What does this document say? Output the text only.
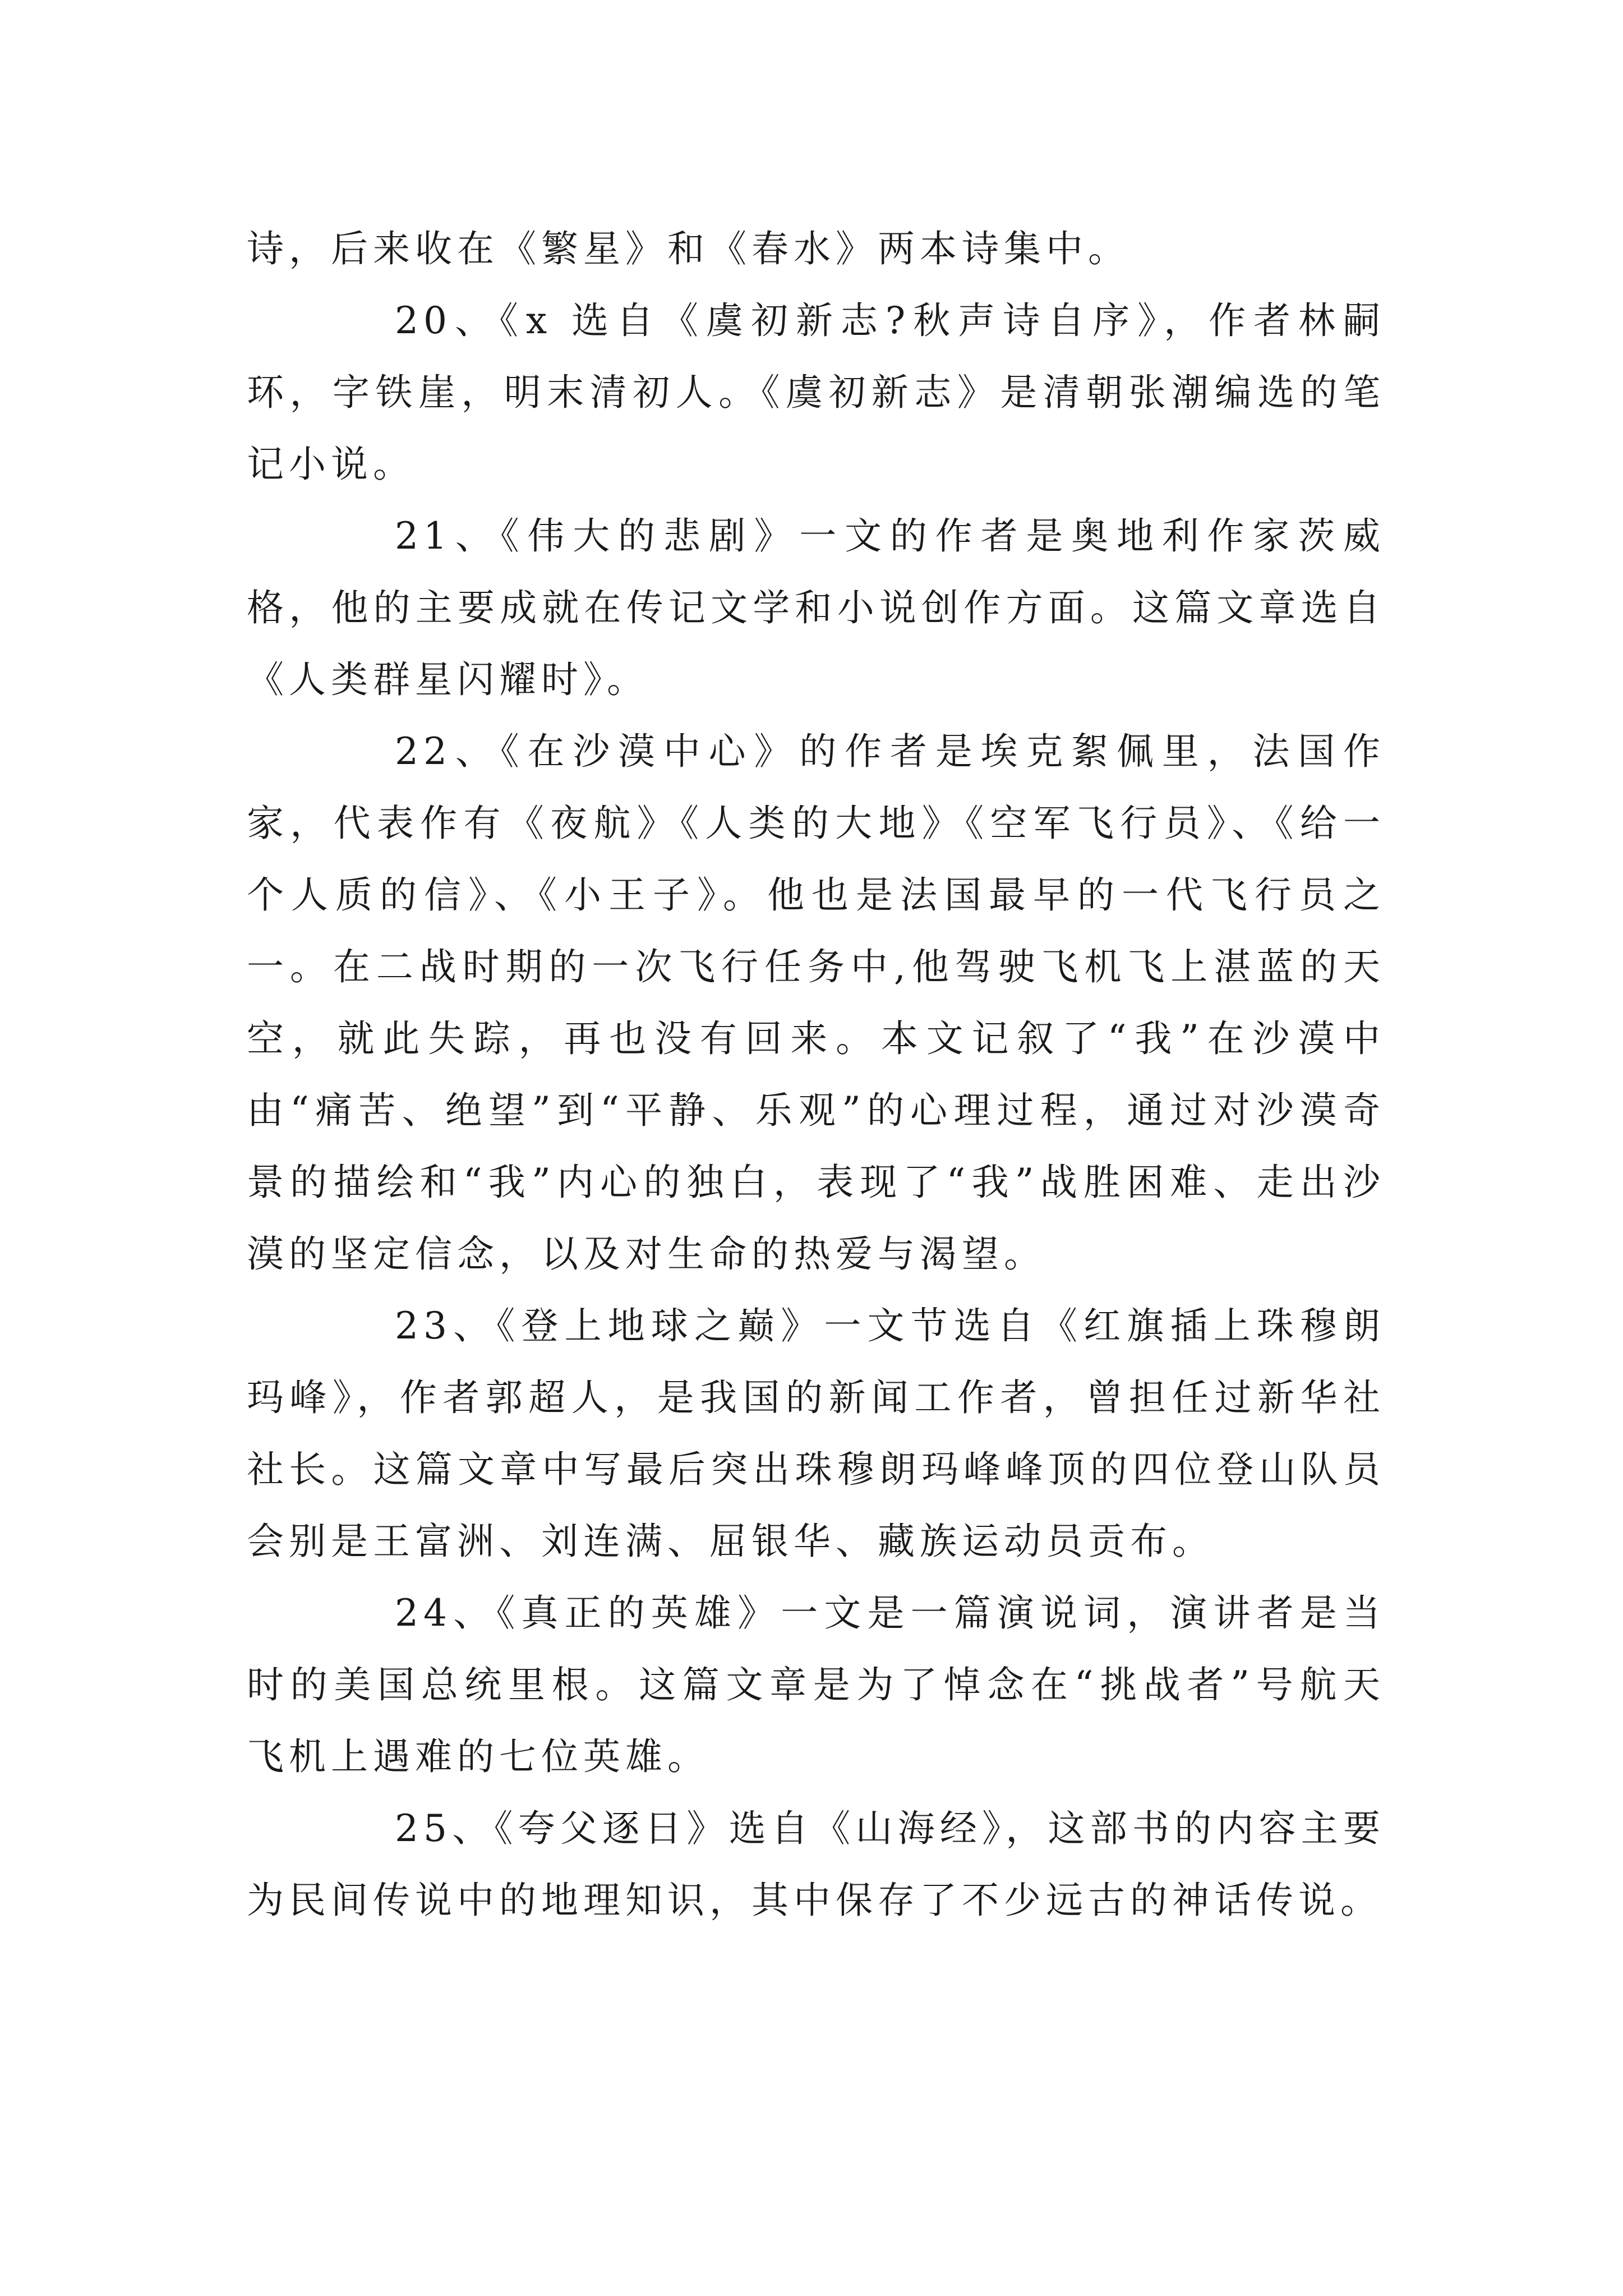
诗，后来收在《繁星》和《春水》两本诗集中。

20、《x 选自《虞初新志?秋声诗自序》，作者林嗣环，字铁崖，明末清初人。《虞初新志》是清朝张潮编选的笔记小说。

21、《伟大的悲剧》一文的作者是奥地利作家茨威格，他的主要成就在传记文学和小说创作方面。这篇文章选自《人类群星闪耀时》。

22、《在沙漠中心》的作者是埃克絮佩里，法国作家，代表作有《夜航》《人类的大地》《空军飞行员》、《给一个人质的信》、《小王子》。他也是法国最早的一代飞行员之一。在二战时期的一次飞行任务中,他驾驶飞机飞上湛蓝的天空，就此失踪，再也没有回来。本文记叙了“我”在沙漠中由“痛苦、绝望”到“平静、乐观”的心理过程，通过对沙漠奇景的描绘和“我”内心的独白，表现了“我”战胜困难、走出沙漠的坚定信念，以及对生命的热爱与渴望。

23、《登上地球之巅》一文节选自《红旗插上珠穆朗玛峰》，作者郭超人，是我国的新闻工作者，曾担任过新华社社长。这篇文章中写最后突出珠穆朗玛峰峰顶的四位登山队员会别是王富洲、刘连满、屈银华、藏族运动员贡布。

24、《真正的英雄》一文是一篇演说词，演讲者是当时的美国总统里根。这篇文章是为了悼念在“挑战者”号航天飞机上遇难的七位英雄。

25、《夸父逐日》选自《山海经》，这部书的内容主要为民间传说中的地理知识，其中保存了不少远古的神话传说。
